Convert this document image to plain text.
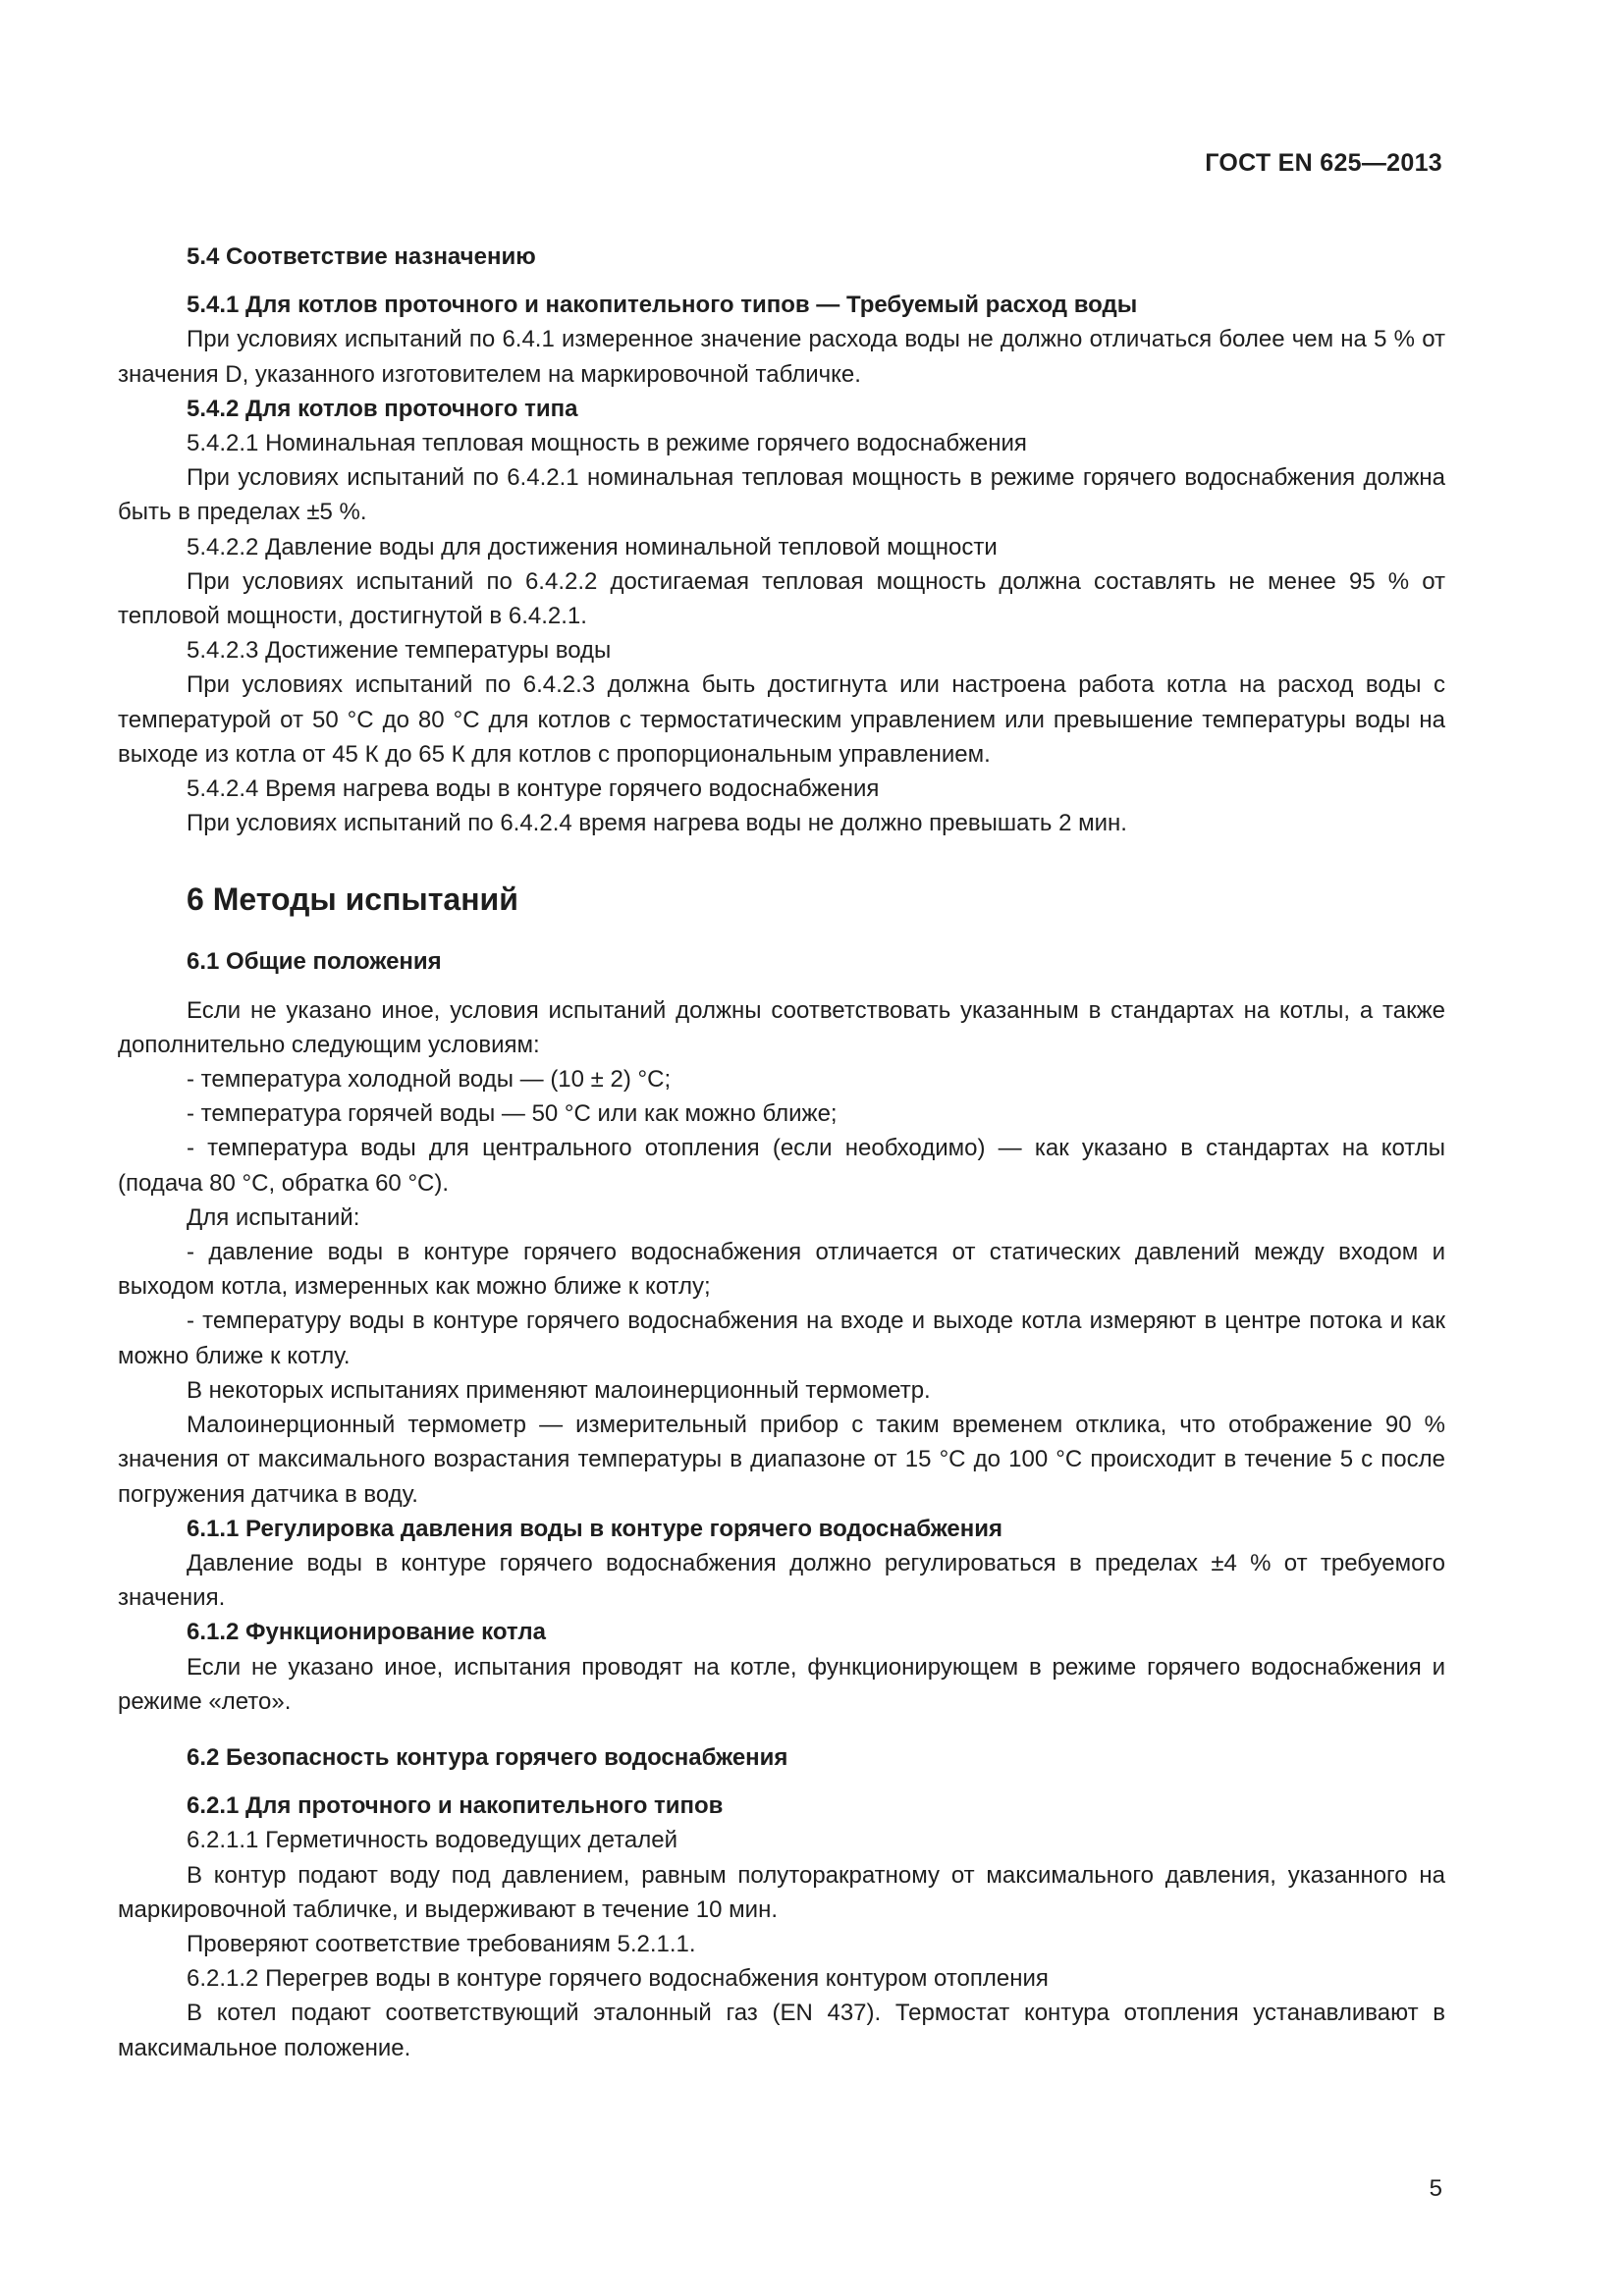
ГОСТ EN 625—2013

5.4 Соответствие назначению

5.4.1 Для котлов проточного и накопительного типов — Требуемый расход воды

При условиях испытаний по 6.4.1 измеренное значение расхода воды не должно отличаться более чем на 5 % от значения D, указанного изготовителем на маркировочной табличке.

5.4.2 Для котлов проточного типа

5.4.2.1 Номинальная тепловая мощность в режиме горячего водоснабжения

При условиях испытаний по 6.4.2.1 номинальная тепловая мощность в режиме горячего водоснабжения должна быть в пределах ±5 %.

5.4.2.2 Давление воды для достижения номинальной тепловой мощности

При условиях испытаний по 6.4.2.2 достигаемая тепловая мощность должна составлять не менее 95 % от тепловой мощности, достигнутой в 6.4.2.1.

5.4.2.3 Достижение температуры воды

При условиях испытаний по 6.4.2.3 должна быть достигнута или настроена работа котла на расход воды с температурой от 50 °С до 80 °С для котлов с термостатическим управлением или превышение температуры воды на выходе из котла от 45 К до 65 К для котлов с пропорциональным управлением.

5.4.2.4 Время нагрева воды в контуре горячего водоснабжения

При условиях испытаний по 6.4.2.4 время нагрева воды не должно превышать 2 мин.

6 Методы испытаний

6.1 Общие положения

Если не указано иное, условия испытаний должны соответствовать указанным в стандартах на котлы, а также дополнительно следующим условиям:

- температура холодной воды — (10 ± 2) °С;

- температура горячей воды — 50 °С или как можно ближе;

- температура воды для центрального отопления (если необходимо) — как указано в стандартах на котлы (подача 80 °С, обратка 60 °С).

Для испытаний:

- давление воды в контуре горячего водоснабжения отличается от статических давлений между входом и выходом котла, измеренных как можно ближе к котлу;

- температуру воды в контуре горячего водоснабжения на входе и выходе котла измеряют в центре потока и как можно ближе к котлу.

В некоторых испытаниях применяют малоинерционный термометр.

Малоинерционный термометр — измерительный прибор с таким временем отклика, что отображение 90 % значения от максимального возрастания температуры в диапазоне от 15 °С до 100 °С происходит в течение 5 с после погружения датчика в воду.

6.1.1 Регулировка давления воды в контуре горячего водоснабжения

Давление воды в контуре горячего водоснабжения должно регулироваться в пределах ±4 % от требуемого значения.

6.1.2 Функционирование котла

Если не указано иное, испытания проводят на котле, функционирующем в режиме горячего водоснабжения и режиме «лето».

6.2 Безопасность контура горячего водоснабжения

6.2.1 Для проточного и накопительного типов

6.2.1.1 Герметичность водоведущих деталей

В контур подают воду под давлением, равным полуторакратному от максимального давления, указанного на маркировочной табличке, и выдерживают в течение 10 мин.

Проверяют соответствие требованиям 5.2.1.1.

6.2.1.2 Перегрев воды в контуре горячего водоснабжения контуром отопления

В котел подают соответствующий эталонный газ (EN 437). Термостат контура отопления устанавливают в максимальное положение.

5
